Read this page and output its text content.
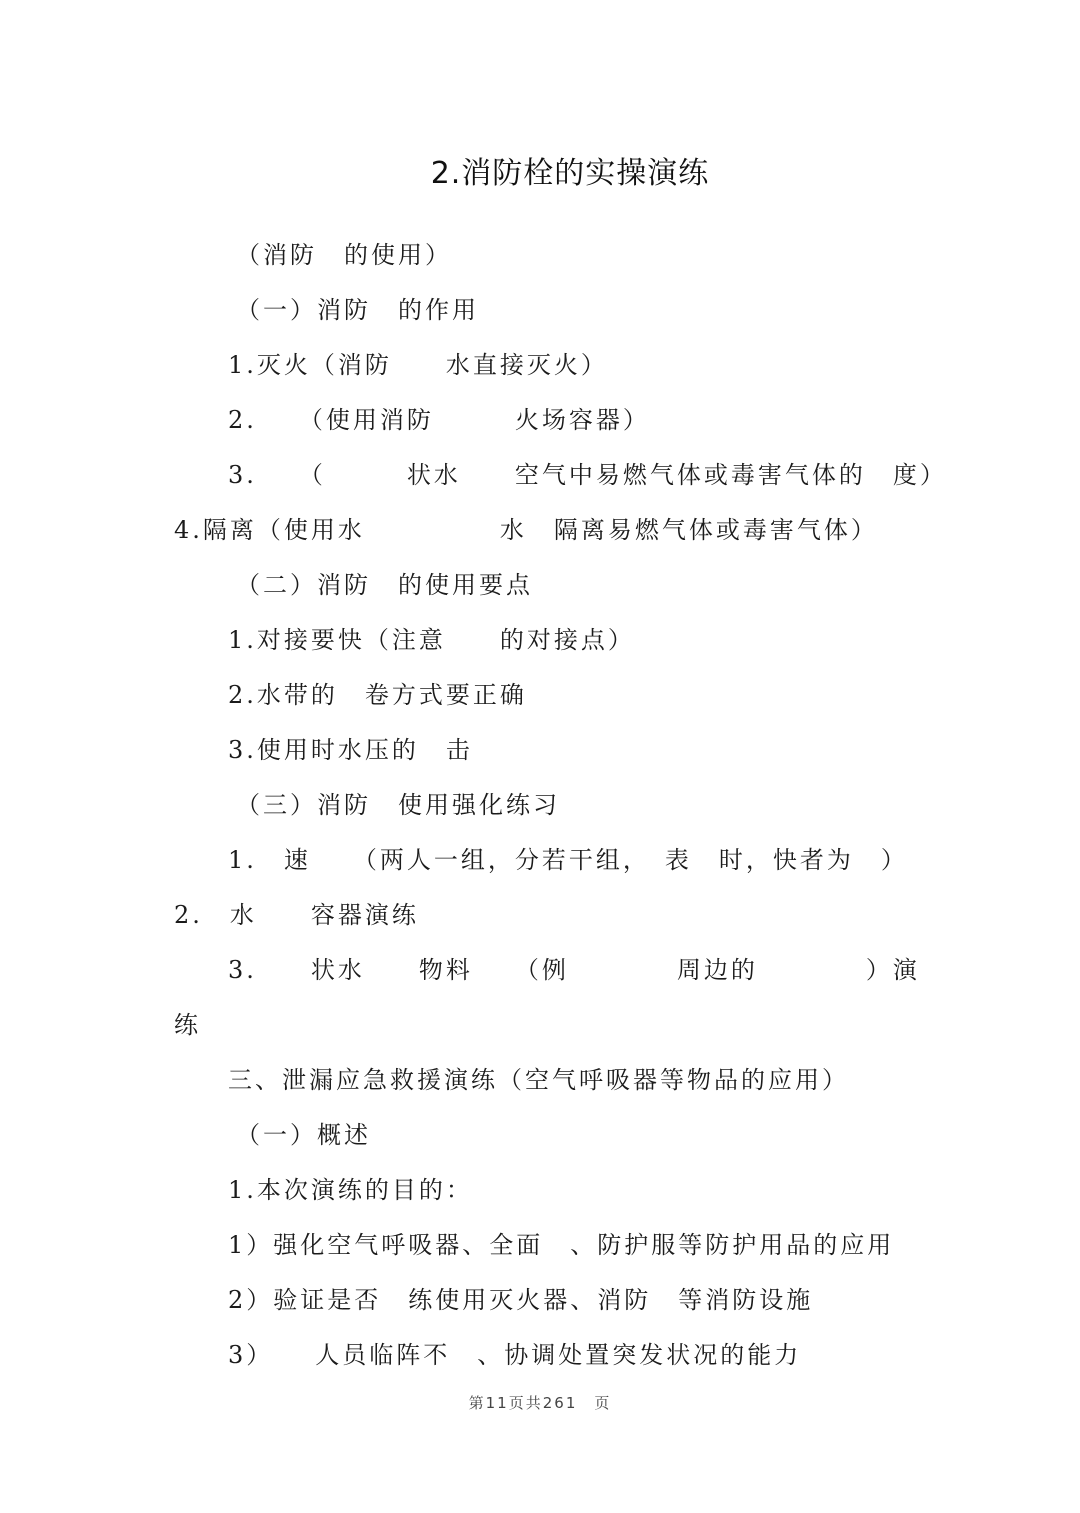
2.消防栓的实操演练
（消防　的使用）
（一）消防　的作用
1.灭火（消防　　水直接灭火）
2.　　（使用消防　　　火场容器）
3.　　（　　　状水　　空气中易燃气体或毒害气体的　度）
4.隔离（使用水　　　　　水　隔离易燃气体或毒害气体）
（二）消防　的使用要点
1.对接要快（注意　　的对接点）
2.水带的　卷方式要正确
3.使用时水压的　击
（三）消防　使用强化练习
1.　速　　（两人一组，分若干组，　表　时，快者为　）
2.　水　　容器演练
3.　　状水　　物料　　（例　　　　周边的　　　　）演
练
三、泄漏应急救援演练（空气呼吸器等物品的应用）
（一）概述
1.本次演练的目的：
1）强化空气呼吸器、全面　、防护服等防护用品的应用
2）验证是否　练使用灭火器、消防　等消防设施
3）　　人员临阵不　、协调处置突发状况的能力
第11页共261　页
